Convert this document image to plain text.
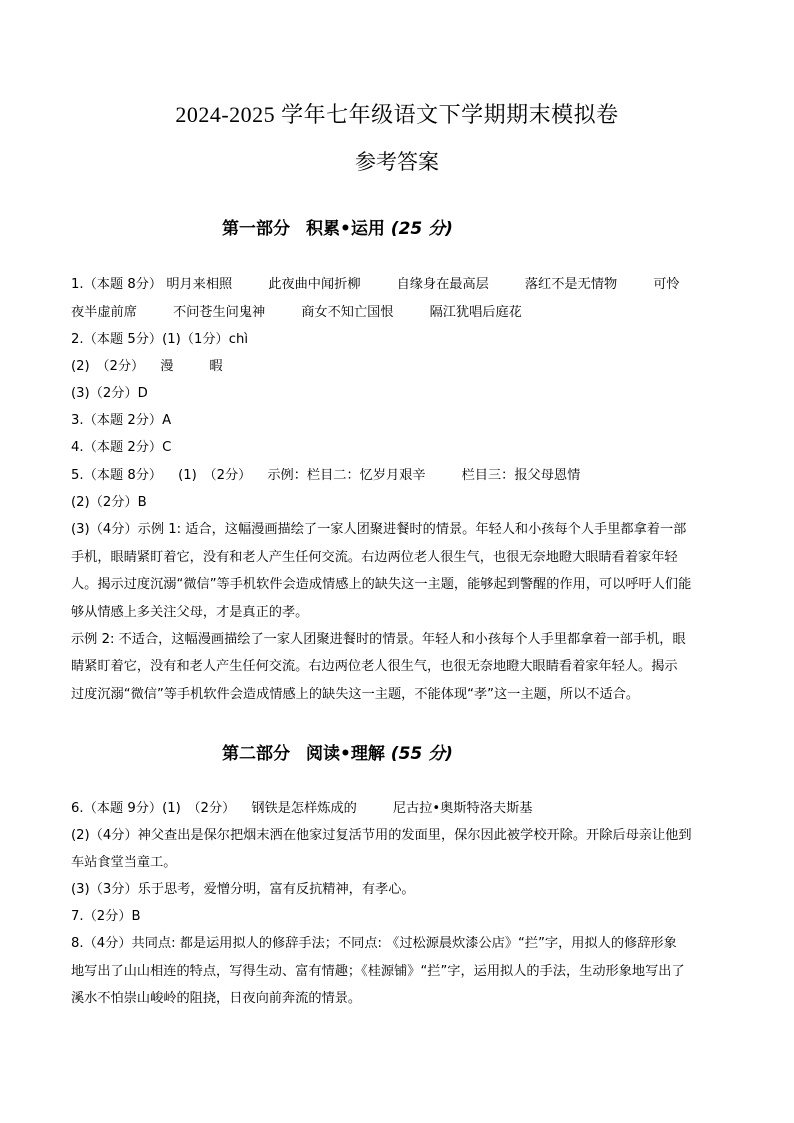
2024-2025 学年七年级语文下学期期末模拟卷
参考答案
第一部分 积累•运用 (25 分)
1.（本题 8分） 明月来相照	此夜曲中闻折柳	自缘身在最高层	落红不是无情物	可怜
夜半虚前席	不问苍生问鬼神	商女不知亡国恨	隔江犹唱后庭花
2.（本题 5分）(1)（1分）chì
(2)　（2分） 漫	暇
(3)（2分）D
3.（本题 2分）A
4.（本题 2分）C
5.（本题 8分） (1)　（2分） 示例：栏目二：忆岁月艰辛	栏目三：报父母恩情
(2)（2分）B
(3)（4分）示例 1: 适合，这幅漫画描绘了一家人团聚进餐时的情景。年轻人和小孩每个人手里都拿着一部
手机，眼睛紧盯着它，没有和老人产生任何交流。右边两位老人很生气，也很无奈地瞪大眼睛看着家年轻
人。揭示过度沉溺“微信”等手机软件会造成情感上的缺失这一主题，能够起到警醒的作用，可以呼吁人们能
够从情感上多关注父母，才是真正的孝。
示例 2: 不适合，这幅漫画描绘了一家人团聚进餐时的情景。年轻人和小孩每个人手里都拿着一部手机，眼
睛紧盯着它，没有和老人产生任何交流。右边两位老人很生气，也很无奈地瞪大眼睛看着家年轻人。揭示
过度沉溺“微信”等手机软件会造成情感上的缺失这一主题，不能体现“孝”这一主题，所以不适合。
第二部分 阅读•理解 (55 分)
6.（本题 9分）(1)　（2分） 钢铁是怎样炼成的	尼古拉•奥斯特洛夫斯基
(2)（4分）神父查出是保尔把烟末洒在他家过复活节用的发面里，保尔因此被学校开除。开除后母亲让他到
车站食堂当童工。
(3)（3分）乐于思考，爱憎分明，富有反抗精神，有孝心。
7.（2分）B
8.（4分）共同点: 都是运用拟人的修辞手法；不同点: 《过松源晨炊漆公店》“拦”字，用拟人的修辞形象
地写出了山山相连的特点，写得生动、富有情趣；《桂源铺》“拦”字，运用拟人的手法，生动形象地写出了
溪水不怕崇山峻岭的阻挠，日夜向前奔流的情景。
